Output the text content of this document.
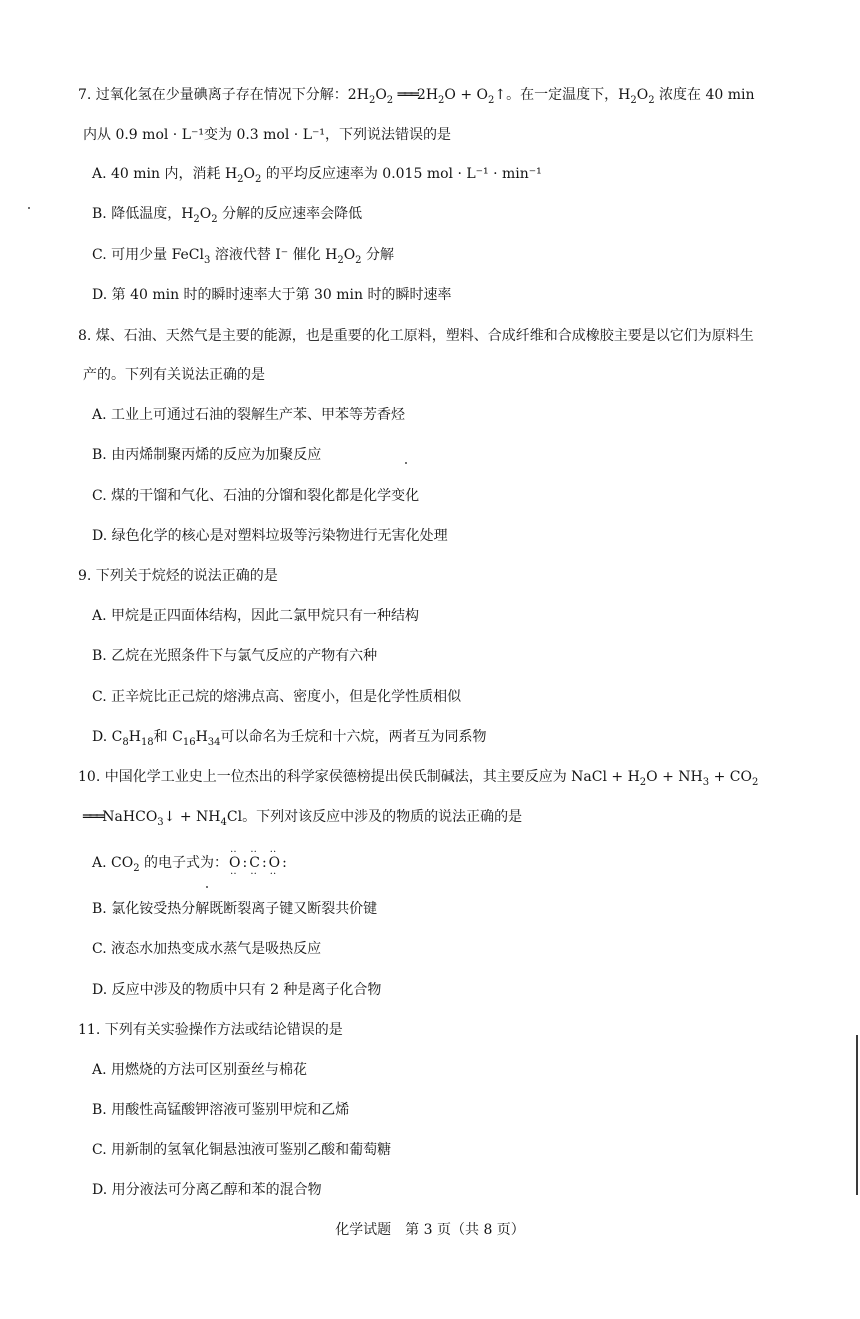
7. 过氧化氢在少量碘离子存在情况下分解：$2H_2O_2$ $═══2H_2O$ + $O_2↑$。在一定温度下，$H_2O_2$ 浓度在 40 min
内从 0.9 mol · L⁻¹变为 0.3 mol · L⁻¹，下列说法错误的是
A. 40 min 内，消耗 $H_2O_2$ 的平均反应速率为 0.015 mol · L⁻¹ · min⁻¹
B. 降低温度，$H_2O_2$ 分解的反应速率会降低
C. 可用少量 FeCl$_3$ 溶液代替 I⁻ 催化 $H_2O_2$ 分解
D. 第 40 min 时的瞬时速率大于第 30 min 时的瞬时速率
8. 煤、石油、天然气是主要的能源，也是重要的化工原料，塑料、合成纤维和合成橡胶主要是以它们为原料生
产的。下列有关说法正确的是
A. 工业上可通过石油的裂解生产苯、甲苯等芳香烃
B. 由丙烯制聚丙烯的反应为加聚反应
C. 煤的干馏和气化、石油的分馏和裂化都是化学变化
D. 绿色化学的核心是对塑料垃圾等污染物进行无害化处理
9. 下列关于烷烃的说法正确的是
A. 甲烷是正四面体结构，因此二氯甲烷只有一种结构
B. 乙烷在光照条件下与氯气反应的产物有六种
C. 正辛烷比正己烷的熔沸点高、密度小，但是化学性质相似
D. $C_8H_{18}$和 $C_{16}H_{34}$可以命名为壬烷和十六烷，两者互为同系物
10. 中国化学工业史上一位杰出的科学家侯德榜提出侯氏制碱法，其主要反应为 NaCl + $H_2O + NH_3 + CO_2$
═══NaHCO$_3$↓ + $NH_4Cl$。下列对该反应中涉及的物质的说法正确的是
A. $CO_2$ 的电子式为：‥ O ‥ : ‥ C ‥ : ‥ O ‥ :
B. 氯化铵受热分解既断裂离子键又断裂共价键
C. 液态水加热变成水蒸气是吸热反应
D. 反应中涉及的物质中只有 2 种是离子化合物
11. 下列有关实验操作方法或结论错误的是
A. 用燃烧的方法可区别蚕丝与棉花
B. 用酸性高锰酸钾溶液可鉴别甲烷和乙烯
C. 用新制的氢氧化铜悬浊液可鉴别乙酸和葡萄糖
D. 用分液法可分离乙醇和苯的混合物
化学试题　第 3 页（共 8 页）
